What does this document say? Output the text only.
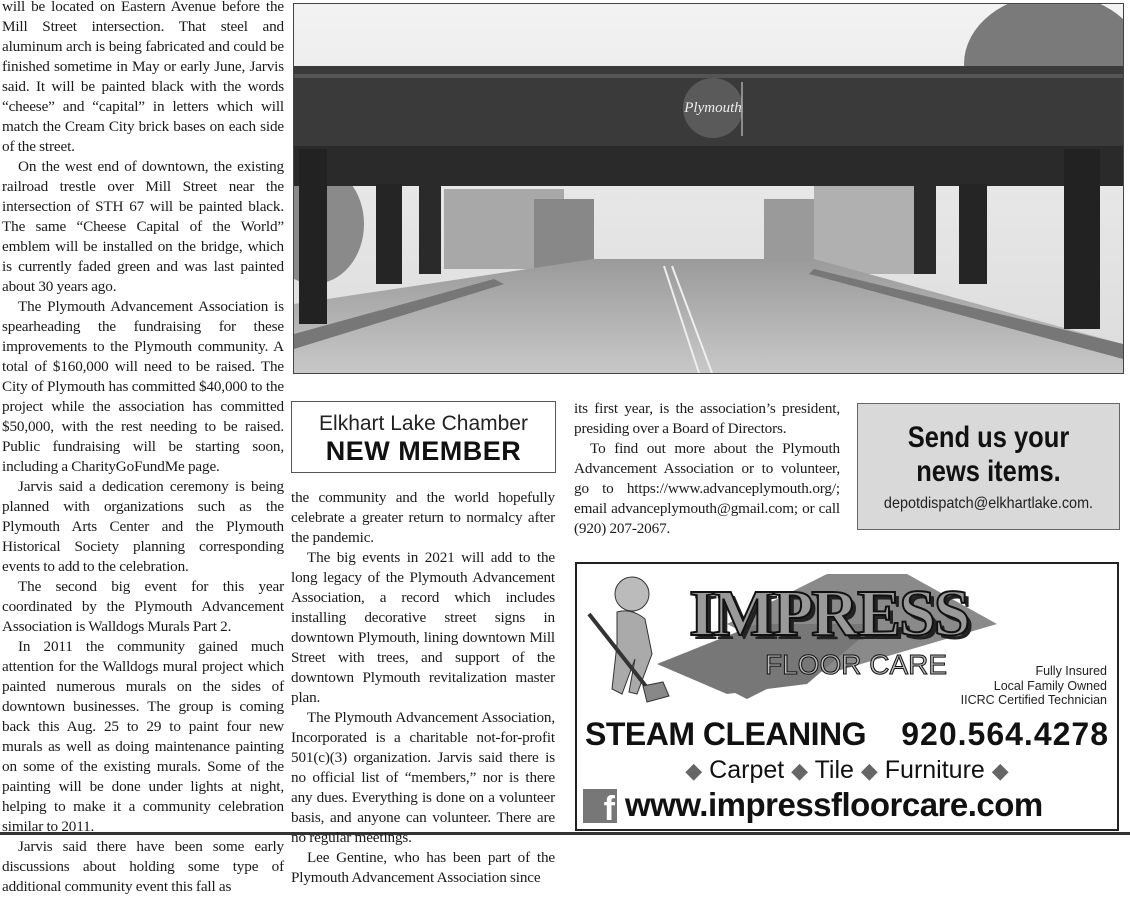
will be located on Eastern Avenue before the Mill Street intersection. That steel and aluminum arch is being fabricated and could be finished sometime in May or early June, Jarvis said. It will be painted black with the words “cheese” and “capital” in letters which will match the Cream City brick bases on each side of the street.

On the west end of downtown, the existing railroad trestle over Mill Street near the intersection of STH 67 will be painted black. The same “Cheese Capital of the World” emblem will be installed on the bridge, which is currently faded green and was last painted about 30 years ago.

The Plymouth Advancement Association is spearheading the fundraising for these improvements to the Plymouth community. A total of $160,000 will need to be raised. The City of Plymouth has committed $40,000 to the project while the association has committed $50,000, with the rest needing to be raised. Public fundraising will be starting soon, including a CharityGoFundMe page.

Jarvis said a dedication ceremony is being planned with organizations such as the Plymouth Arts Center and the Plymouth Historical Society planning corresponding events to add to the celebration.

The second big event for this year coordinated by the Plymouth Advancement Association is Walldogs Murals Part 2.

In 2011 the community gained much attention for the Walldogs mural project which painted numerous murals on the sides of downtown businesses. The group is coming back this Aug. 25 to 29 to paint four new murals as well as doing maintenance painting on some of the existing murals. Some of the painting will be done under lights at night, helping to make it a community celebration similar to 2011.

Jarvis said there have been some early discussions about holding some type of additional community event this fall as

Plymouth
Elkhart Lake Chamber
NEW MEMBER

the community and the world hopefully celebrate a greater return to normalcy after the pandemic.

The big events in 2021 will add to the long legacy of the Plymouth Advancement Association, a record which includes installing decorative street signs in downtown Plymouth, lining downtown Mill Street with trees, and support of the downtown Plymouth revitalization master plan.

The Plymouth Advancement Association, Incorporated is a charitable not-for-profit 501(c)(3) organization. Jarvis said there is no official list of “members,” nor is there any dues. Everything is done on a volunteer basis, and anyone can volunteer. There are no regular meetings.

Lee Gentine, who has been part of the Plymouth Advancement Association since

its first year, is the association’s president, presiding over a Board of Directors.

To find out more about the Plymouth Advancement Association or to volunteer, go to https://www.advanceplymouth.org/; email advanceplymouth@gmail.com; or call (920) 207-2067.

Send us your
news items.
depotdispatch@elkhartlake.com.
IMPRESS
FLOOR CARE	Fully Insured
Local Family Owned
IICRC Certified Technician
STEAM CLEANING 920.564.4278
◆ Carpet ◆ Tile ◆ Furniture ◆
f www.impressfloorcare.com
